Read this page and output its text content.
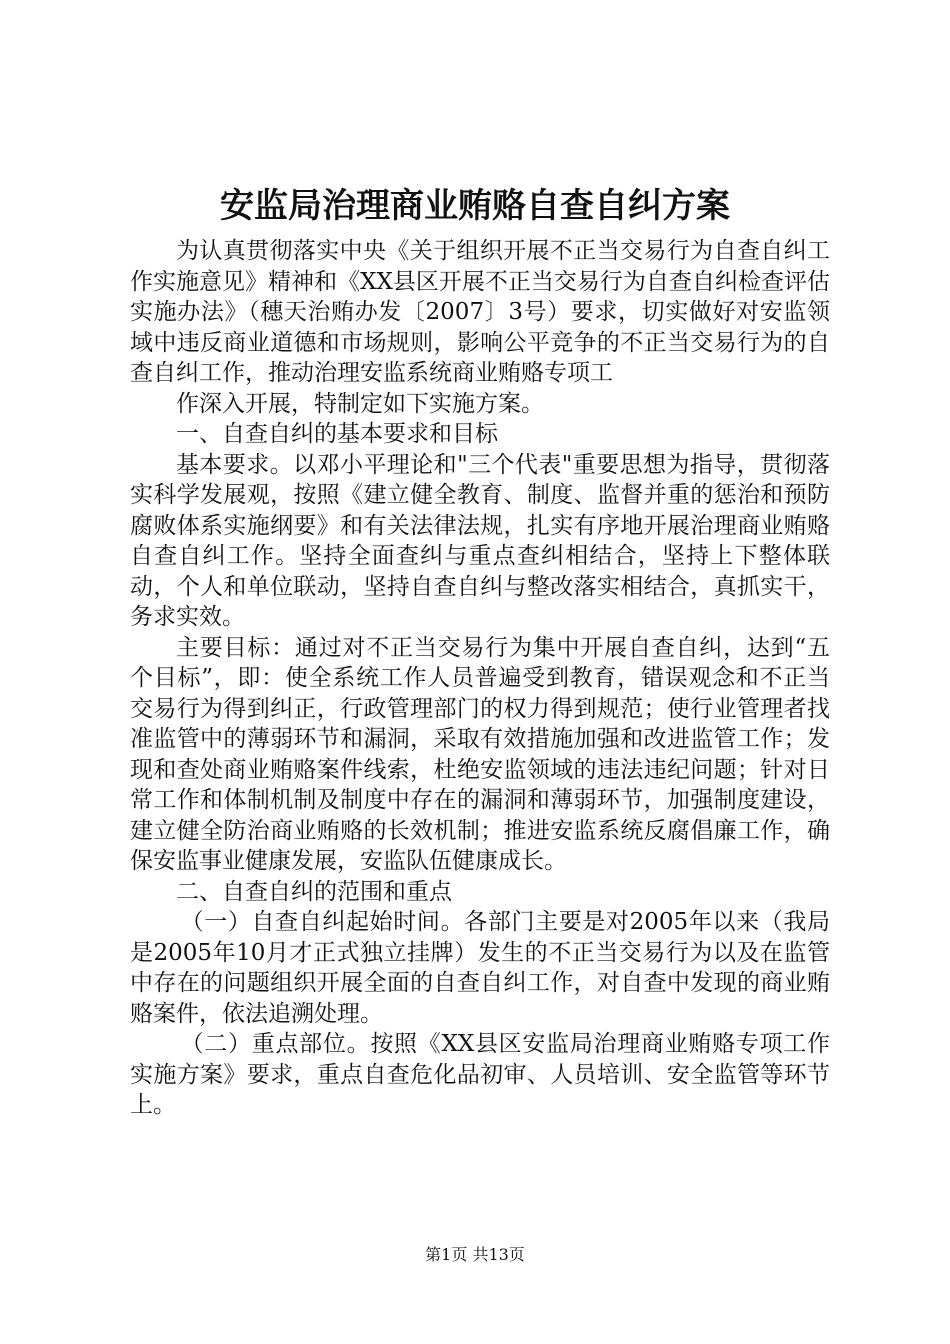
安监局治理商业贿赂自查自纠方案

为认真贯彻落实中央《关于组织开展不正当交易行为自查自纠工作实施意见》精神和《XX县区开展不正当交易行为自查自纠检查评估实施办法》（穗天治贿办发〔2007〕3号）要求，切实做好对安监领域中违反商业道德和市场规则，影响公平竞争的不正当交易行为的自查自纠工作，推动治理安监系统商业贿赂专项工

作深入开展，特制定如下实施方案。

一、自查自纠的基本要求和目标

基本要求。以邓小平理论和"三个代表"重要思想为指导，贯彻落实科学发展观，按照《建立健全教育、制度、监督并重的惩治和预防腐败体系实施纲要》和有关法律法规，扎实有序地开展治理商业贿赂自查自纠工作。坚持全面查纠与重点查纠相结合，坚持上下整体联动，个人和单位联动，坚持自查自纠与整改落实相结合，真抓实干，务求实效。

主要目标：通过对不正当交易行为集中开展自查自纠，达到“五个目标”，即：使全系统工作人员普遍受到教育，错误观念和不正当交易行为得到纠正，行政管理部门的权力得到规范；使行业管理者找准监管中的薄弱环节和漏洞，采取有效措施加强和改进监管工作；发现和查处商业贿赂案件线索，杜绝安监领域的违法违纪问题；针对日常工作和体制机制及制度中存在的漏洞和薄弱环节，加强制度建设，建立健全防治商业贿赂的长效机制；推进安监系统反腐倡廉工作，确保安监事业健康发展，安监队伍健康成长。

二、自查自纠的范围和重点

（一）自查自纠起始时间。各部门主要是对2005年以来（我局是2005年10月才正式独立挂牌）发生的不正当交易行为以及在监管中存在的问题组织开展全面的自查自纠工作，对自查中发现的商业贿赂案件，依法追溯处理。

（二）重点部位。按照《XX县区安监局治理商业贿赂专项工作实施方案》要求，重点自查危化品初审、人员培训、安全监管等环节上。

第1页 共13页
